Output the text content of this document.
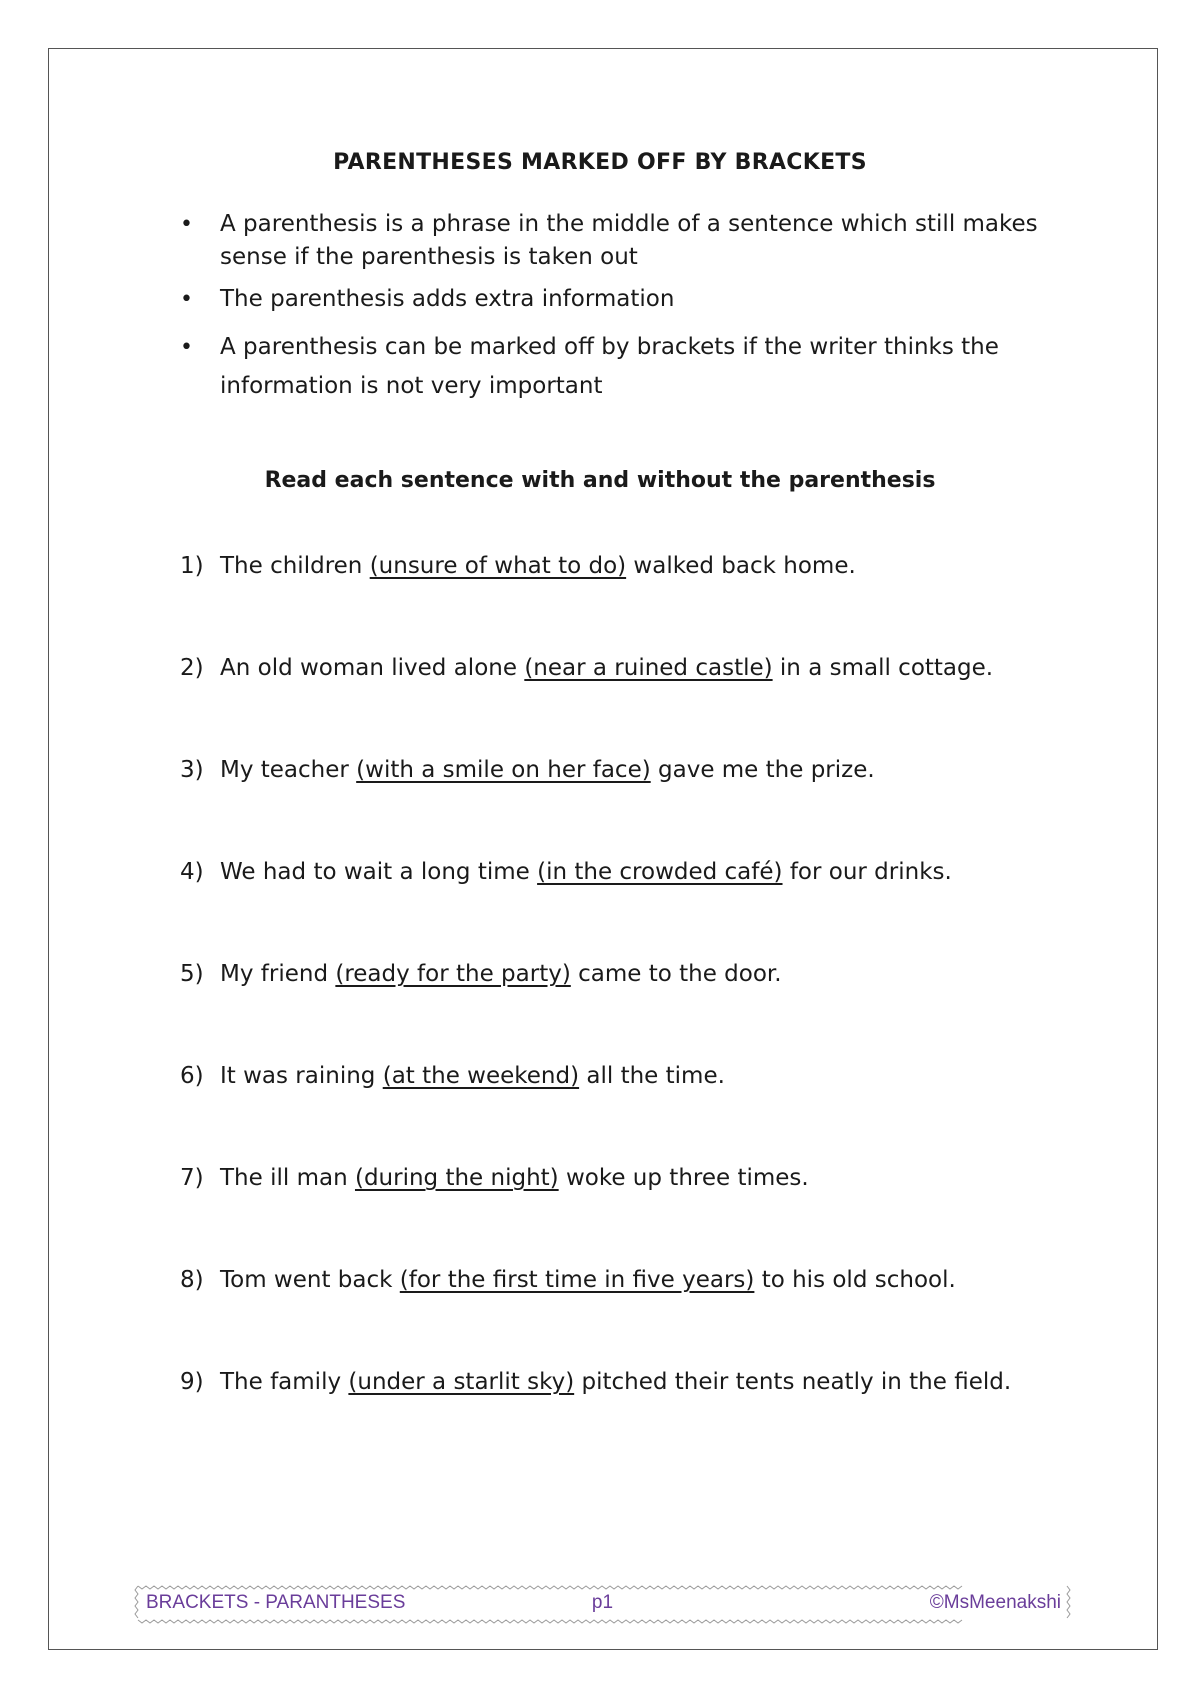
PARENTHESES MARKED OFF BY BRACKETS
• A parenthesis is a phrase in the middle of a sentence which still makes sense if the parenthesis is taken out
• The parenthesis adds extra information
• A parenthesis can be marked off by brackets if the writer thinks the information is not very important
Read each sentence with and without the parenthesis
1) The children (unsure of what to do) walked back home.
2) An old woman lived alone (near a ruined castle) in a small cottage.
3) My teacher (with a smile on her face) gave me the prize.
4) We had to wait a long time (in the crowded café) for our drinks.
5) My friend (ready for the party) came to the door.
6) It was raining (at the weekend) all the time.
7) The ill man (during the night) woke up three times.
8) Tom went back (for the first time in five years) to his old school.
9) The family (under a starlit sky) pitched their tents neatly in the field.
BRACKETS - PARANTHESES	p1	©MsMeenakshi
